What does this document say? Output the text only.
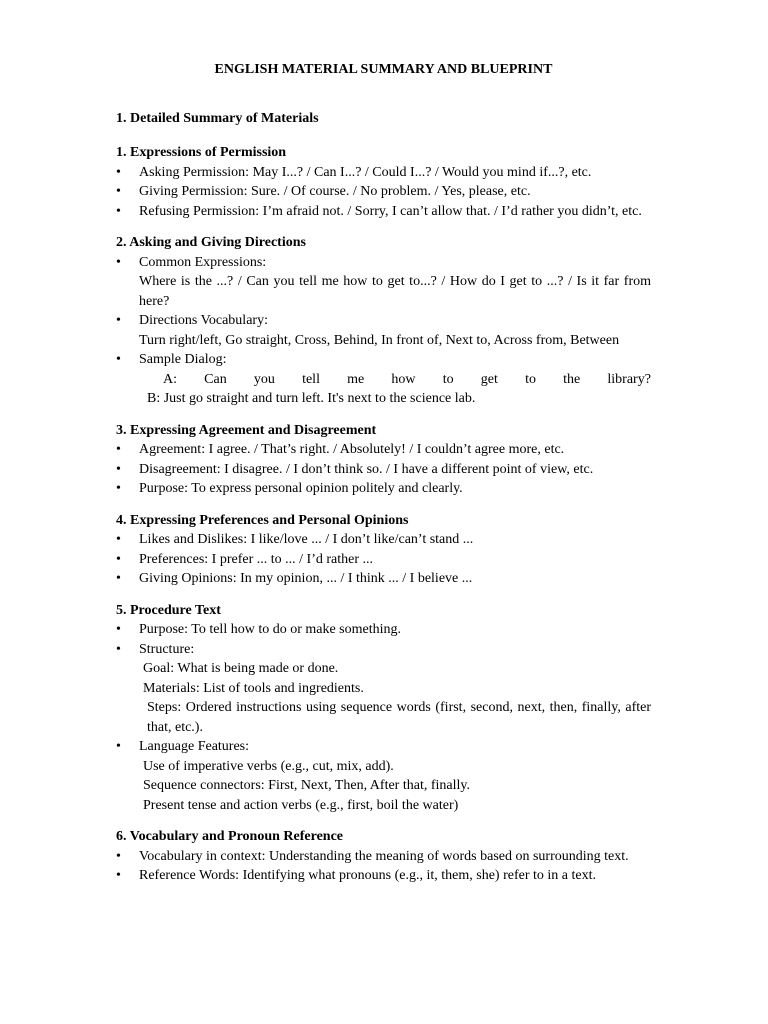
ENGLISH MATERIAL SUMMARY AND BLUEPRINT
1. Detailed Summary of Materials
1. Expressions of Permission
•	Asking Permission: May I...? / Can I...? / Could I...? / Would you mind if...?, etc.
•	Giving Permission: Sure. / Of course. / No problem. / Yes, please, etc.
•	Refusing Permission: I’m afraid not. / Sorry, I can’t allow that. / I’d rather you didn’t, etc.
2. Asking and Giving Directions
•	Common Expressions:
Where is the ...? / Can you tell me how to get to...? / How do I get to ...? / Is it far from here?
•	Directions Vocabulary:
Turn right/left, Go straight, Cross, Behind, In front of, Next to, Across from, Between
•	Sample Dialog:
A: Can you tell me how to get to the library?
B: Just go straight and turn left. It's next to the science lab.
3. Expressing Agreement and Disagreement
•	Agreement: I agree. / That’s right. / Absolutely! / I couldn’t agree more, etc.
•	Disagreement: I disagree. / I don’t think so. / I have a different point of view, etc.
•	Purpose: To express personal opinion politely and clearly.
4. Expressing Preferences and Personal Opinions
•	Likes and Dislikes: I like/love ... / I don’t like/can’t stand ...
•	Preferences: I prefer ... to ... / I’d rather ...
•	Giving Opinions: In my opinion, ... / I think ... / I believe ...
5. Procedure Text
•	Purpose: To tell how to do or make something.
•	Structure:
Goal: What is being made or done.
Materials: List of tools and ingredients.
Steps: Ordered instructions using sequence words (first, second, next, then, finally, after that, etc.).
•	Language Features:
Use of imperative verbs (e.g., cut, mix, add).
Sequence connectors: First, Next, Then, After that, finally.
Present tense and action verbs (e.g., first, boil the water)
6. Vocabulary and Pronoun Reference
•	Vocabulary in context: Understanding the meaning of words based on surrounding text.
•	Reference Words: Identifying what pronouns (e.g., it, them, she) refer to in a text.
